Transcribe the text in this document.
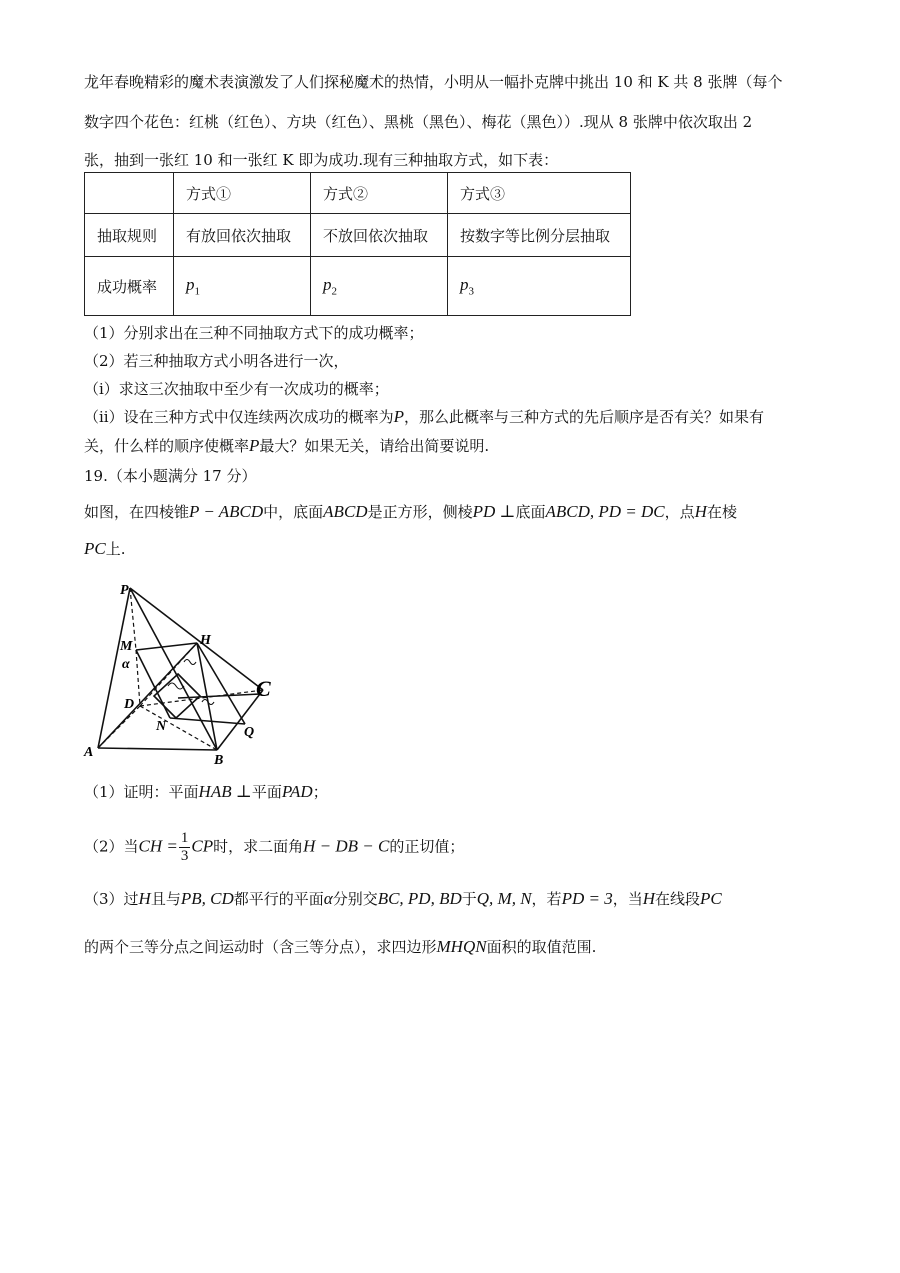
龙年春晚精彩的魔术表演激发了人们探秘魔术的热情，小明从一幅扑克牌中挑出 10 和 K 共 8 张牌（每个
数字四个花色：红桃（红色）、方块（红色）、黑桃（黑色）、梅花（黑色））.现从 8 张牌中依次取出 2
张，抽到一张红 10 和一张红 K 即为成功.现有三种抽取方式，如下表：
	方式①	方式②	方式③
抽取规则	有放回依次抽取	不放回依次抽取	按数字等比例分层抽取
成功概率	$p_1$	$p_2$	$p_3$
（1）分别求出在三种不同抽取方式下的成功概率；
（2）若三种抽取方式小明各进行一次，
（i）求这三次抽取中至少有一次成功的概率；
（ii）设在三种方式中仅连续两次成功的概率为P，那么此概率与三种方式的先后顺序是否有关？如果有
关，什么样的顺序使概率P最大？如果无关，请给出简要说明.
19.（本小题满分 17 分）
如图，在四棱锥P − ABCD中，底面ABCD是正方形，侧棱PD ⊥底面ABCD, PD = DC，点H在棱
PC上.
P
M
α
H
D
C
N	Q
A
B
（1）证明：平面HAB ⊥平面PAD；
（2）当CH = $\frac{1}{3}$ CP时，求二面角H − DB − C的正切值；
（3）过H且与PB, CD都平行的平面α分别交BC, PD, BD于Q, M, N，若PD = 3，当H在线段PC
的两个三等分点之间运动时（含三等分点），求四边形MHQN面积的取值范围.
